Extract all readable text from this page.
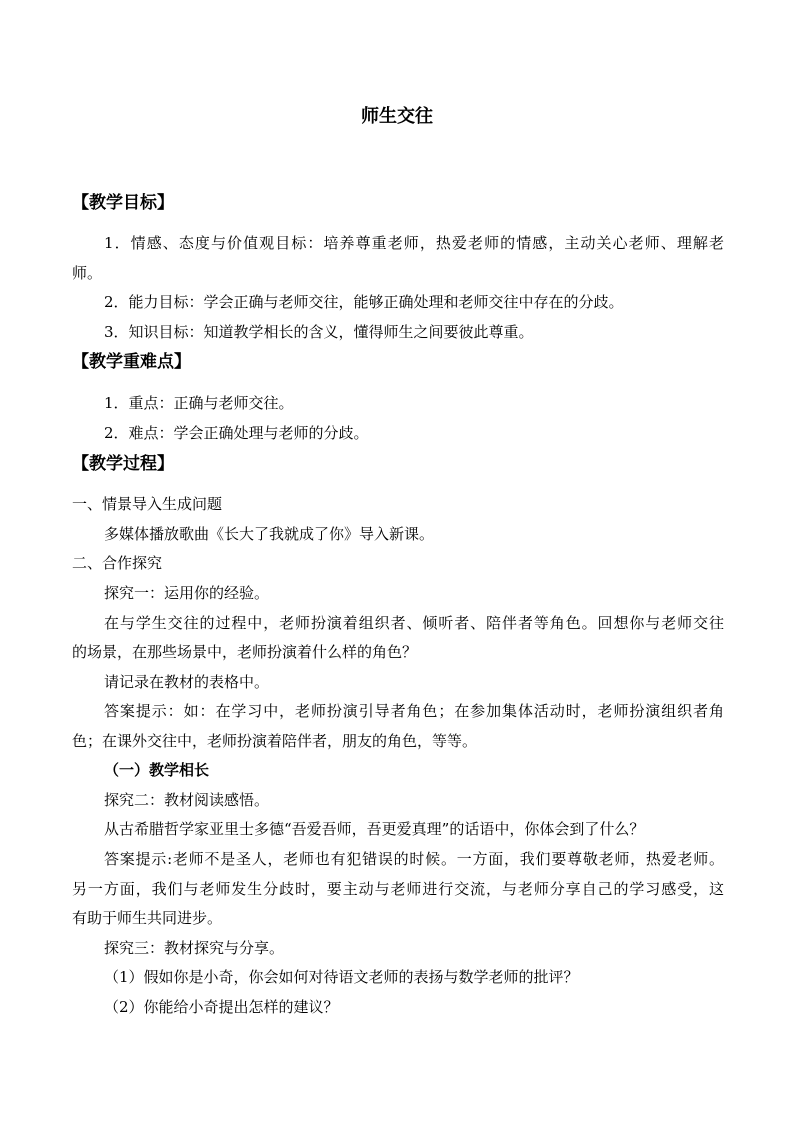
师生交往
【教学目标】
1．情感、态度与价值观目标：培养尊重老师，热爱老师的情感，主动关心老师、理解老
师。
2．能力目标：学会正确与老师交往，能够正确处理和老师交往中存在的分歧。
3．知识目标：知道教学相长的含义，懂得师生之间要彼此尊重。
【教学重难点】
1．重点：正确与老师交往。
2．难点：学会正确处理与老师的分歧。
【教学过程】
一、情景导入生成问题
多媒体播放歌曲《长大了我就成了你》导入新课。
二、合作探究
探究一：运用你的经验。
在与学生交往的过程中，老师扮演着组织者、倾听者、陪伴者等角色。回想你与老师交往
的场景，在那些场景中，老师扮演着什么样的角色？
请记录在教材的表格中。
答案提示：如：在学习中，老师扮演引导者角色；在参加集体活动时，老师扮演组织者角
色；在课外交往中，老师扮演着陪伴者，朋友的角色，等等。
（一）教学相长
探究二：教材阅读感悟。
从古希腊哲学家亚里士多德“吾爱吾师，吾更爱真理”的话语中，你体会到了什么？
答案提示:老师不是圣人，老师也有犯错误的时候。一方面，我们要尊敬老师，热爱老师。
另一方面，我们与老师发生分歧时，要主动与老师进行交流，与老师分享自己的学习感受，这
有助于师生共同进步。
探究三：教材探究与分享。
（1）假如你是小奇，你会如何对待语文老师的表扬与数学老师的批评？
（2）你能给小奇提出怎样的建议？
